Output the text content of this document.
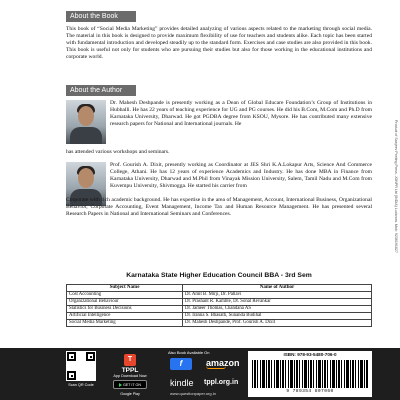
About the Book
This book of “Social Media Marketing” provides detailed analyzing of various aspects related to the marketing through social media. The material in this book is designed to provide maximum flexibility of use for teachers and students alike. Each topic has been started with fundamental introduction and developed steadily up to the standard form. Exercises and case studies are also provided in this book. This book is useful not only for students who are pursuing their studies but also for those working in the educational institutions and corporate world.
About the Author
Dr. Mahesh Deshpande is presently working as a Dean of Global Educare Foundation’s Group of Institutions in Hubballi. He has 22 years of teaching experience for UG and PG courses. He did his B.Com, M.Com and Ph.D from Karnataka University, Dharwad. He got PGDBA degree from KSOU, Mysore. He has contributed many extensive research papers for National and International journals. He
has attended various workshops and seminars.
Prof. Gourish A. Dixit, presently working as Coordinator at JES Shri K.A.Lokapur Arts, Science And Commerce College, Athani. He has 12 years of experience Academics and Industry. He has done MBA in Finance from Karnataka University, Dharwad and M.Phil from Vinayak Mission University, Salem, Tamil Nadu and M.Com from Kuvempu University, Shivmogga. He started his carrier from
Corporate with rich academic background. He has expertise in the area of Management, Account, International Business, Organizational Behavior, Corporate Accounting, Event Management, Income Tax and Human Resource Management. He has presented several Research Papers in National and International Seminars and Conferences.	Product of Sanjeev Printing Press, JONPR Ltd (INDIA) Lucknow. Mob: 9236191827
Karnataka State Higher Education Council BBA - 3rd Sem
Subject Name	Name of Author
Cost Accounting	Dr. Amit B. Mirji, Dr. Pallavi
Organizational Behaviour	Dr. Prashant R. Kamble, Dr. Sonal Revankar
Statistics for Business Decisions	Dr. Jameer Thomas, Chandana AS
Artificial Intelligence	Dr. Iranna S. Bhasath, Sunanda Budihal
Social Media Marketing	Dr. Mahesh Deshpande, Prof. Gourish A. Dixit
Scan QR Code
T
TPPL
App Download Now
GET IT ON Google Play
Also Book Available On
f	amazon
kindle tppl.org.in
www.questionpaper.org.in
ISBN: 978-93-5480-706-0
9 789354 807060
